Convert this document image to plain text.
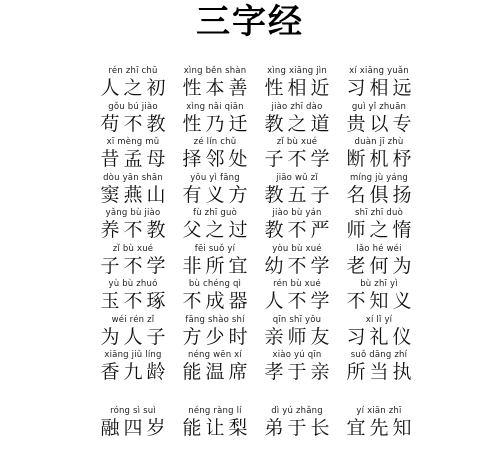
三字经
rén zhī chū
人之初
xìng běn shàn
性本善
xìng xiāng jìn
性相近
xí xiāng yuǎn
习相远
gǒu bú jiào
苟不教
xìng nǎi qiān
性乃迁
jiào zhī dào
教之道
guì yǐ zhuān
贵以专
xī mèng mǔ
昔孟母
zé lín chǔ
择邻处
zǐ bù xué
子不学
duàn jī zhù
断机杼
dòu yān shān
窦燕山
yǒu yì fāng
有义方
jiāo wǔ zǐ
教五子
míng jù yáng
名俱扬
yǎng bù jiào
养不教
fù zhī guò
父之过
jiào bù yán
教不严
shī zhī duò
师之惰
zǐ bù xué
子不学
fēi suǒ yí
非所宜
yòu bù xué
幼不学
lǎo hé wéi
老何为
yù bù zhuó
玉不琢
bù chéng qì
不成器
rén bù xué
人不学
bù zhī yì
不知义
wéi rén zǐ
为人子
fāng shào shí
方少时
qīn shī yǒu
亲师友
xí lǐ yí
习礼仪
xiāng jiǔ líng
香九龄
néng wēn xí
能温席
xiào yú qīn
孝于亲
suǒ dāng zhí
所当执
róng sì suì
融四岁
néng ràng lí
能让梨
dì yú zhǎng
弟于长
yí xiān zhī
宜先知
